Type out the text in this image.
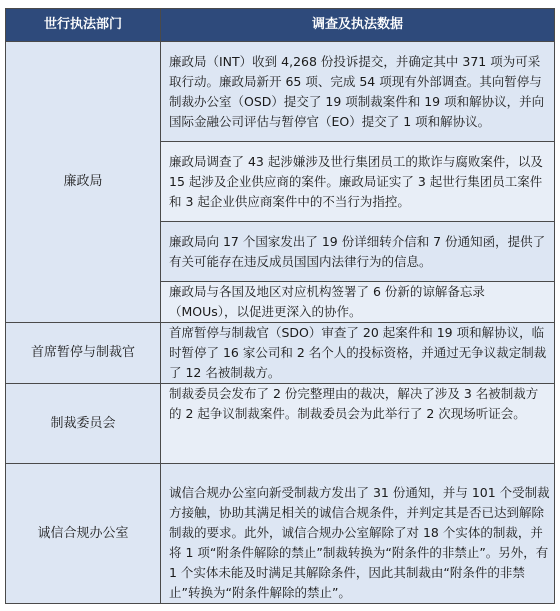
世行执法部门	调查及执法数据
廉政局	廉政局（INT）收到 4,268 份投诉提交，并确定其中 371 项为可采取行动。廉政局新开 65 项、完成 54 项现有外部调查。其向暂停与制裁办公室（OSD）提交了 19 项制裁案件和 19 项和解协议，并向国际金融公司评估与暂停官（EO）提交了 1 项和解协议。
	廉政局调查了 43 起涉嫌涉及世行集团员工的欺诈与腐败案件，以及 15 起涉及企业供应商的案件。廉政局证实了 3 起世行集团员工案件和 3 起企业供应商案件中的不当行为指控。
	廉政局向 17 个国家发出了 19 份详细转介信和 7 份通知函，提供了有关可能存在违反成员国国内法律行为的信息。
	廉政局与各国及地区对应机构签署了 6 份新的谅解备忘录（MOUs），以促进更深入的协作。
首席暂停与制裁官	首席暂停与制裁官（SDO）审查了 20 起案件和 19 项和解协议，临时暂停了 16 家公司和 2 名个人的投标资格，并通过无争议裁定制裁了 12 名被制裁方。
制裁委员会	制裁委员会发布了 2 份完整理由的裁决，解决了涉及 3 名被制裁方的 2 起争议制裁案件。制裁委员会为此举行了 2 次现场听证会。
诚信合规办公室	诚信合规办公室向新受制裁方发出了 31 份通知，并与 101 个受制裁方接触，协助其满足相关的诚信合规条件，并判定其是否已达到解除制裁的要求。此外，诚信合规办公室解除了对 18 个实体的制裁，并将 1 项“附条件解除的禁止”制裁转换为“附条件的非禁止”。另外，有 1 个实体未能及时满足其解除条件，因此其制裁由“附条件的非禁止”转换为“附条件解除的禁止”。
